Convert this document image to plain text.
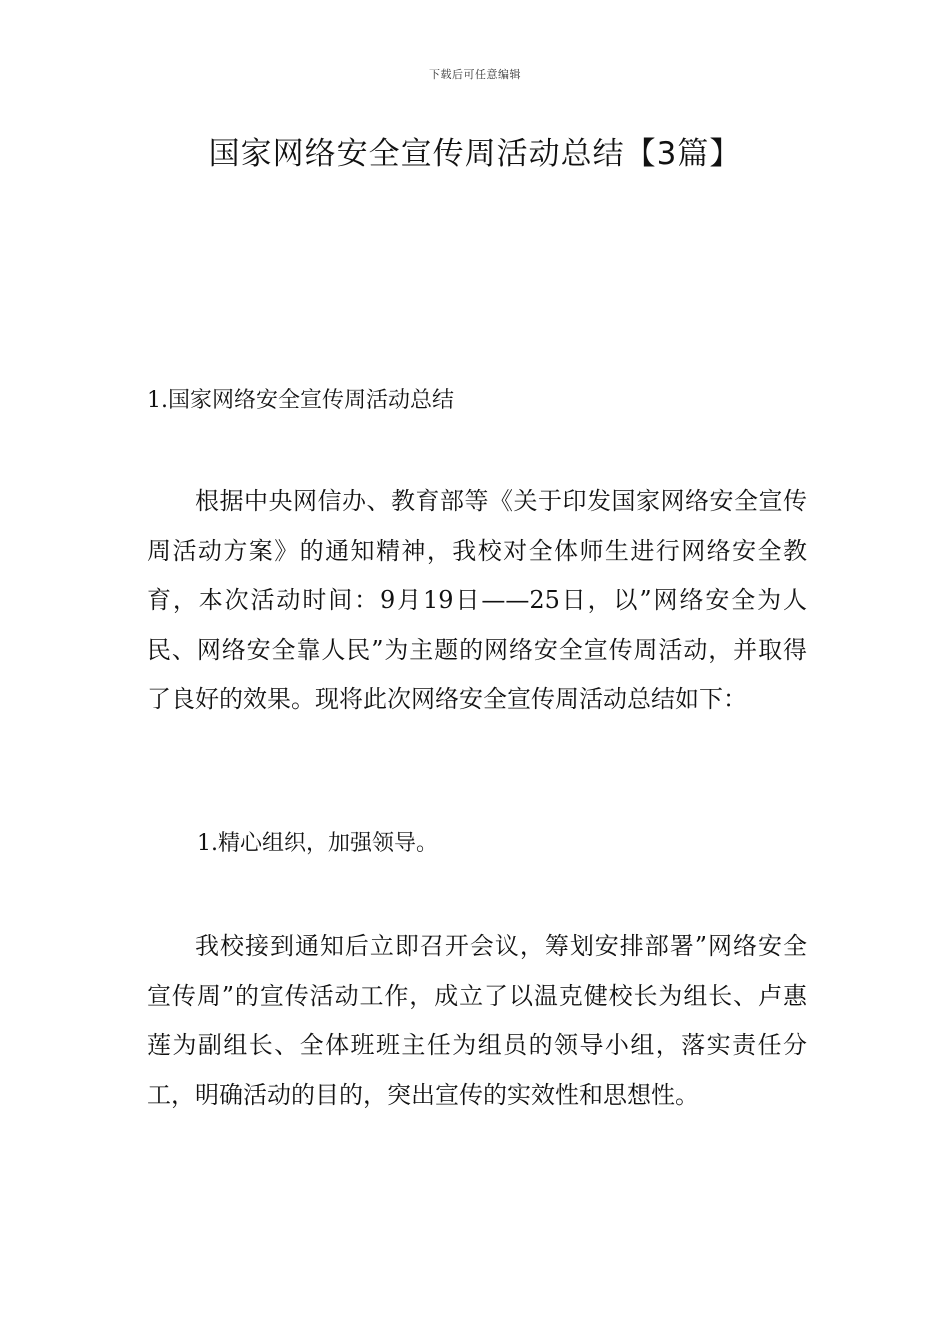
下载后可任意编辑
国家网络安全宣传周活动总结【3篇】
1.国家网络安全宣传周活动总结

根据中央网信办、教育部等《关于印发国家网络安全宣传周活动方案》的通知精神，我校对全体师生进行网络安全教育，本次活动时间：9月19日——25日，以”网络安全为人民、网络安全靠人民”为主题的网络安全宣传周活动，并取得了良好的效果。现将此次网络安全宣传周活动总结如下：

1.精心组织，加强领导。

我校接到通知后立即召开会议，筹划安排部署”网络安全宣传周”的宣传活动工作，成立了以温克健校长为组长、卢惠莲为副组长、全体班班主任为组员的领导小组，落实责任分工，明确活动的目的，突出宣传的实效性和思想性。
